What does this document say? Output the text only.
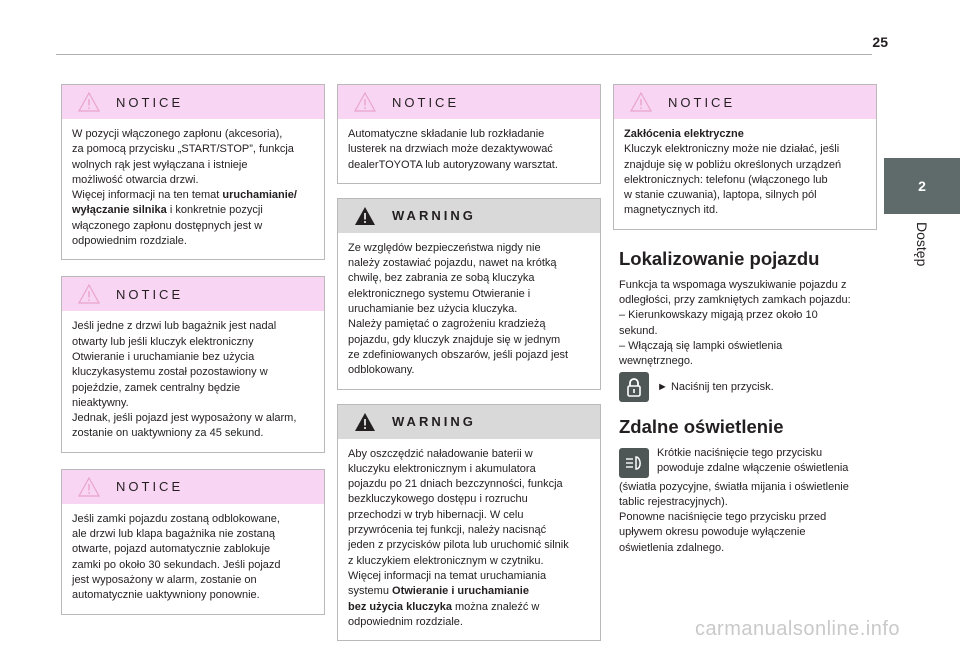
25
2
Dostęp
NOTICE
W pozycji włączonego zapłonu (akcesoria),
za pomocą przycisku „START/STOP”, funkcja
wolnych rąk jest wyłączana i istnieje
możliwość otwarcia drzwi.
Więcej informacji na ten temat uruchamianie/
wyłączanie silnika i konkretnie pozycji
włączonego zapłonu dostępnych jest w
odpowiednim rozdziale.
NOTICE
Jeśli jedne z drzwi lub bagażnik jest nadal
otwarty lub jeśli kluczyk elektroniczny
Otwieranie i uruchamianie bez użycia
kluczykasystemu został pozostawiony w
pojeździe, zamek centralny będzie
nieaktywny.
Jednak, jeśli pojazd jest wyposażony w alarm,
zostanie on uaktywniony za 45 sekund.
NOTICE
Jeśli zamki pojazdu zostaną odblokowane,
ale drzwi lub klapa bagażnika nie zostaną
otwarte, pojazd automatycznie zablokuje
zamki po około 30 sekundach. Jeśli pojazd
jest wyposażony w alarm, zostanie on
automatycznie uaktywniony ponownie.
NOTICE
Automatyczne składanie lub rozkładanie
lusterek na drzwiach może dezaktywować
dealerTOYOTA lub autoryzowany warsztat.
WARNING
Ze względów bezpieczeństwa nigdy nie
należy zostawiać pojazdu, nawet na krótką
chwilę, bez zabrania ze sobą kluczyka
elektronicznego systemu Otwieranie i
uruchamianie bez użycia kluczyka.
Należy pamiętać o zagrożeniu kradzieżą
pojazdu, gdy kluczyk znajduje się w jednym
ze zdefiniowanych obszarów, jeśli pojazd jest
odblokowany.
WARNING
Aby oszczędzić naładowanie baterii w
kluczyku elektronicznym i akumulatora
pojazdu po 21 dniach bezczynności, funkcja
bezkluczykowego dostępu i rozruchu
przechodzi w tryb hibernacji. W celu
przywrócenia tej funkcji, należy nacisnąć
jeden z przycisków pilota lub uruchomić silnik
z kluczykiem elektronicznym w czytniku.
Więcej informacji na temat uruchamiania
systemu Otwieranie i uruchamianie
bez użycia kluczyka można znaleźć w
odpowiednim rozdziale.
NOTICE
Zakłócenia elektryczne
Kluczyk elektroniczny może nie działać, jeśli
znajduje się w pobliżu określonych urządzeń
elektronicznych: telefonu (włączonego lub
w stanie czuwania), laptopa, silnych pól
magnetycznych itd.
Lokalizowanie pojazdu
Funkcja ta wspomaga wyszukiwanie pojazdu z
odległości, przy zamkniętych zamkach pojazdu:
– Kierunkowskazy migają przez około 10
sekund.
– Włączają się lampki oświetlenia
wewnętrznego.
► Naciśnij ten przycisk.
Zdalne oświetlenie
Krótkie naciśnięcie tego przycisku
powoduje zdalne włączenie oświetlenia
(światła pozycyjne, światła mijania i oświetlenie
tablic rejestracyjnych).
Ponowne naciśnięcie tego przycisku przed
upływem okresu powoduje wyłączenie
oświetlenia zdalnego.
carmanualsonline.info
